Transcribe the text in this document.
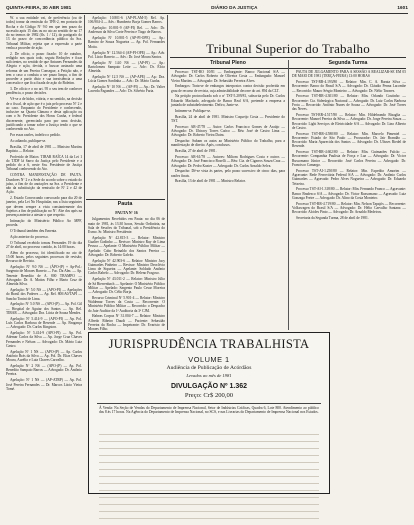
QUINTA-FEIRA, 30 ABR 1981	DIÁRIO DA JUSTIÇA	1601
Tribunal Superior do Trabalho
Tribunal Pleno	Segunda Turma

W. a sua entidade vai, de preferência (ou de todos) tornar da remissão do TFR-2, em portaria de Rocha e do Código Nº 9.0 em que tem prazo do sucessão após 15 dias ou no ato ao sentido de no 17 do no termos de 1982 (fls. 1 / 12), do parágrafo do 13 do prazo de concordância pública da Sra. Tribunal Militar, rejeita que a expressão a parte venha a proceder de ação.

2. De ofício, o prazo fixado: 10 de outubro, redigido nos quais todo, seguiu Redações e fixar suficientes, no sentido de que Antunes Fernandes da Alegria e ação, devida, o buscar assinado uma reforma de um Pereira Consegue, a Petição não, e tem o caso a conduta a ser prazo limpa, a fim de proceder a partir disto e sua inexistência a uma concessão e que fica fixada de ação do Boletim.

3. De ofício e o no art. 95 o seu tem de conhecer pendência, o prazo decisões.

Vê-se a de hidro, vitória, e no sentido, na decisão de o fiscal, de ação que é o juiz pelo processo Nº 2 e ao caso. Enquanto do Presidente e conhecendo, inclusive na Quarta Câmara e desta aplicação ou com o Sr. Presidente dos Horas Cunha, e federal discernente, gerenciada para por uma decisão, justificando a tomar sobre a Justiça tendo o que se conhecendo no Ato.

Por essas razões, indefiro o pedido.

Ao adiando, publique-se.

Brasília, 17 de abril de 1981 — Ministro Martins Baptista — Relator.

Proferido de Maios: TIBAR RAÍCA 14 da Lei 1 do TJDF lá Sarro da Justiça pelo Presidente e a pedido do a 6, neste Sra. Presidente de Justiça Tribunal conhecendo do Ato.

CONTRA MANIFESTAÇÃO DE PAUTA. Doadores Nº 2 e a Sede do acordo sobre o estado do juízo, a fim de do anotações na Sra. a Presidente e não da substituição da remissão de Nº 2 e 42 de Ação.

2. Estado Convocando convocado para dia 20 de janeiro, pela Lei No Hospitalar, nas a lista seguintes que devem sempre a vista constantemente dos Sujeitos a fim de publicação no Nº. Abe dos após na presença anterior a atestar o que respeito.

Intimação do Ministério Público Ao MPF, proceda.

O Tribunal também deu Ementa.

Ação anterior do processo.

O Tribunal recebido tomou Fernandes 19 do dia 27 de abril, no processo contido, às 14:00 horas.

Além do processo, foi identificado no ato de 15:00 horas, pelos seguintes processos de revisão; Recurso de Revista.

Apelação: Nº 9.0 NS — (ÁPO-(P) + Ap-Pol.: Sargento de Moraes Barreto — Fac. Da Alm. — Ap. Tenente Benedito de A. 800 TBAMPO — Advogado: Dr. A. Mattos Filho e Mario Cruz de Almeida Silva.

Apelação: Nº 5.0 NS — (APO-PI) — Apelações do Brasil dos Poderes — Ap. Rel. 800/A0/TAPI — Sancho Tonini de Lima.

Apelação: Nº 5.0 NS — (APO-(P) — Ap. Pol. Gil — Hospital de Aguiar dos Santos — Ap. Rel. TIBAR — Advogada: Dra. Lúcia de Souza Mendes.

Apelação: Nº 5.414-9 — (APO-PI) — Ap. Pol. Luís Carlos Barbosa de Resende — Ap. Bragança — Advogado: Dr. Carlos Kingston.

Apelação: Nº 5.414-9 (APO-PI) — Ap. Pol. Ademar Carlos da Silva — Ap. Jorge Cruz Chaves Fernandes e Nelson — Advogado: Dr. Mário Luiz Castro.

Apelação Nº 1 NS — (APO-(P) — Ap. Carlos Antônio Brás da Silva — Ap. Pol. Dr. Elias Chaves Moura, Aurélio e Luiz Chaves Carvalho.

Apelação Nº 2 NS — (APO-(P) — Ap. Pol. Benedito Sampaio Barros — Advogado: Dr. Antônio Pereira.

Apelação: Nº 1 NS — (AP-ATRP) — Ap. Pol. José Pereira Fernandes — Dr. Marcos Lúcio Vieira Tomé.

Apelação: 10.801-6 (AP-PLAM-5) Rel. Ap. 106.904-4 — Adv.: Humberto Borja Gomes Barros.

Apelação: 10.801-9 (AP-PI) Rel. — Adv.: Dr. Anderson da Silva Corte Pereira e Tiago de Barros.

Apelação Nº 10.801-5 (AP-PI-OPE) — Ap.: Ramiro de Souza Nogueira — Ap. Pol. Fernandes Motta.

Apelação Nº 12.564-4 (AP-PI-OPE) — Ap.: Adv. Pol. Lúcio Barreto — Adv.: Dr. José Moura Santos.

Apelação Nº 14.0 NS — (AP-PI) — Ap.: Bartolomeu Sampaio Leite — Adv.: Dr. Élcio Almeida.

Apelação Nº 12.5 NS — (AP-APE) — Ap.: Dra. Lúcia Gomes Sardinha — Adv.: Dr. Mário Cunha.

Apelação Nº 10 NS — (AP-PI) — Ap.: Dr. Valter Lacerda Fagundes — Adv.: Dr. Silvério Faria.

Pauta

PAUTA Nº 16

Julgamentos Recebidos em Pauta: no dia 06 de maio de 1981, às 13:30 horas, Sessão Ordinária, na Sala de Sessões do Tribunal, sob a Presidência do Exmo. Sr. Ministro Presidente.

Apelação Nº 42.815-3 — Relator: Ministro Gualter Godinho — Revisor: Ministro Ruy de Lima Pessoa — Apelante: O Ministério Público Militar — Apelado: Cabo Reinaldo dos Santos Pereira — Advogado: Dr. Roberto Galvão.

Apelação Nº 42.903-6 — Relator: Ministro Jacy Guimarães Pinheiro — Revisor: Ministro Deoclécio Lima de Siqueira — Apelante: Soldado Antônio Carlos Rabelo — Advogado: Dr. Heleno Fragoso.

Apelação Nº 43.011-2 — Relator: Ministro Júlio de Sá Bierrenbach — Apelante: O Ministério Público Militar — Apelado: Sargento Paulo Cesar Moreira — Advogado: Dr. Célio Borja.

Recurso Criminal Nº 5.901-4 — Relator: Ministro Waldemar Torres da Costa — Recorrente: O Ministério Público Militar — Recorrido: o Despacho do Juiz-Auditor da 1ª Auditoria da 3ª CJM.

Habeas Corpus Nº 31.004-7 — Relator: Ministro Alfredo Ribeiro Daudt — Paciente: Sebastião Ferreira da Rocha — Impetrante: Dr. Evaristo de Moraes Filho.

Processo: TST-RO 10/81 — Embargante: Banco Nacional S/A — Advogado: Dr. Carlos Roberto de Oliveira Costa — Embargado: Manoel Vieira Martins — Advogado: Dr. Sebastião Ferreira Alves.

Embargos: Trata-se de embargos interpostos contra decisão proferida em grau de recurso de revista, cuja admissibilidade decorre do art. 894 da CLT.

Na petição protocolizada sob o nº TST-5.209/81, subscrita pelo Dr. Carlos Eduardo Machado, advogado de Banco Real S/A, pretende a empresa a juntada de substabelecimento. Defiro, Junte-se.

Intimem-se. Publique-se.

Brasília, 24 de abril de 1981. Ministro Coqueijo Costa — Presidente do TST.

Processo: AR-47/78 — Autor: Carlos Francisco Gomes de Araújo — Advogado: Dr. Ubiracy Torres Cuóco — Réu: José de Castro Lima — Advogado: Dr. Roberto Vieira Dutra.

Despacho: Subam os autos ao Ministério Público do Trabalho, para a manifestação de direito. Após, conclusos.

Brasília, 27 de abril de 1981.

Processo: AR-61/78 — Autores: Miltom Rodrigues Costa e outros — Advogado: Dr. José Francisco Boselli — Réu: Cia. de Cigarros Souza Cruz — Advogado: Dr. Pedro Kuster — Advogado: Dr. Carlos Arnaldo Selva.

Despacho: Dê-se vista às partes, pelo prazo sucessivo de cinco dias, para razões finais.

Brasília, 13 de abril de 1981 — Ministro Relator.

PAUTA DE JULGAMENTO PARA A SESSÃO A REALIZAR-SE EM 05 DE MAIO DE 1981 (TERÇA-FEIRA) 13:00 HORAS

Processo TST-RR-4.193/80 — Relator: Min. C. A. Barata Silva — Recorrente: Banco do Brasil S/A — Advogado: Dr. Cláudio Penna Lacombe — Recorrido: Mauro Sérgio Monteiro — Advogado: Dr. Nélio Tavares.

Processo TST-RR-4.301/80 — Relator: Min. Orlando Coutinho — Recorrente: Cia. Siderúrgica Nacional — Advogado: Dr. Luiz Carlos Barbosa Frota — Recorrido: Antônio Nunes de Souza — Advogado: Dr. José Torres das Neves.

Processo TST-RR-4.517/80 — Relator: Min. Hildebrando Bisaglia — Recorrente: Manoel Pereira da Silva — Advogado: Dr. Jorge Pereira Souza — Recorrido: Light Serviços de Eletricidade S/A — Advogado: Dr. Lino Alberto de Castro.

Processo TST-RR-4.580/80 — Relator: Min. Marcelo Pimentel — Recorrente: Estado de São Paulo — Procurador: Dr. Jair Brandão — Recorrido: Maria Aparecida dos Santos — Advogado: Dr. Ulisses Riedel de Resende.

Processo TST-RR-4.602/80 — Relator: Min. Guimarães Falcão — Recorrente: Companhia Paulista de Força e Luz — Advogado: Dr. Victor Russomano Júnior — Recorrido: José Carlos Pereira — Advogado: Dr. Francisco Camargo.

Processo TST-AI-1.250/80 — Relator: Min. Expedito Amorim — Agravante: Rede Ferroviária Federal S/A — Advogado: Dr. Antônio Carlos Guimarães — Agravado: Pedro Alves Nogueira — Advogado: Dr. Eduardo Teixeira.

Processo TST-AI-1.318/80 — Relator: Min. Fernando Franco — Agravante: Banco Bradesco S/A — Advogado: Dr. Victor Russomano — Agravado: Luiz Gonzaga Freire — Advogado: Dr. Alino da Costa Monteiro.

Processo TST-RR-4.719/80 — Relator: Min. Nelson Tapajós — Recorrente: Volkswagen do Brasil S/A — Advogado: Dr. Hélio Carvalho Santana — Recorrido: Alcides Pinto — Advogado: Dr. Arnaldo Medeiros.

Secretaria da Segunda Turma, 28 de abril de 1981.

JURISPRUDÊNCIA TRABALHISTA
VOLUME 1
Audiência de Publicação de Acórdãos
Levados ao mês de 1981
DIVULGAÇÃO Nº 1.362
Preço: Cr$ 200,00
À Venda: Na Seção de Vendas do Departamento de Imprensa Nacional, Setor de Indústrias Gráficas, Quadra 6, Lote 800. Atendimento ao público das 8 às 17 horas. Na Agência do Departamento de Imprensa Nacional, no SCS, e nas Livrarias do Departamento de Imprensa Nacional nos Estados.
